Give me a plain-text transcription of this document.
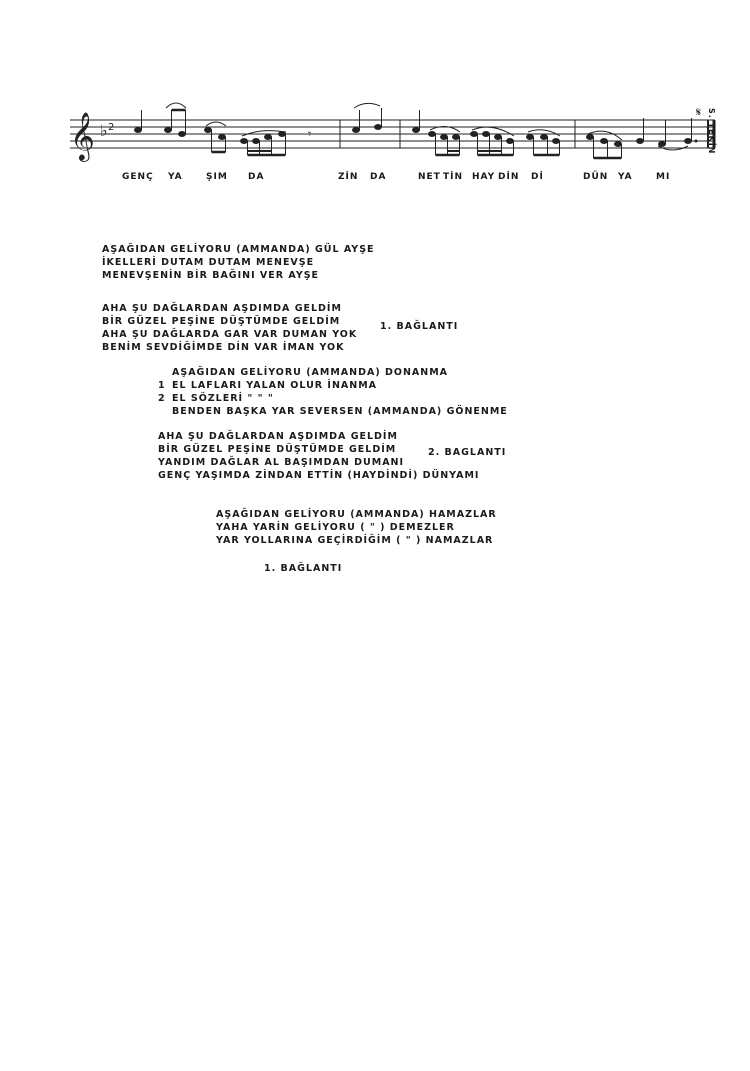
𝄞 ♭ 2	𝄾
𝄋 S. TEKİN
GENÇ YA	ŞIM DA	ZİN DA	NET TİN HAY DİN Dİ	DÜN YA	MI
AŞAĞIDAN GELİYORU (AMMANDA) GÜL AYŞE
İKELLERİ DUTAM DUTAM MENEVŞE
MENEVŞENİN BİR BAĞINI VER AYŞE
AHA ŞU DAĞLARDAN AŞDIMDA GELDİM
BİR GÜZEL PEŞİNE DÜŞTÜMDE GELDİM
AHA ŞU DAĞLARDA GAR VAR DUMAN YOK
BENİM SEVDİĞİMDE DİN VAR İMAN YOK
1. BAĞLANTI
AŞAĞIDAN GELİYORU (AMMANDA) DONANMA
1 EL LAFLARI YALAN OLUR İNANMA
2 EL SÖZLERİ " " "
BENDEN BAŞKA YAR SEVERSEN (AMMANDA) GÖNENME
AHA ŞU DAĞLARDAN AŞDIMDA GELDİM
BİR GÜZEL PEŞİNE DÜŞTÜMDE GELDİM
YANDIM DAĞLAR AL BAŞIMDAN DUMANI
GENÇ YAŞIMDA ZİNDAN ETTİN (HAYDİNDİ) DÜNYAMI
2. BAGLANTI
AŞAĞIDAN GELİYORU (AMMANDA) HAMAZLAR
YAHA YARİN GELİYORU ( " ) DEMEZLER
YAR YOLLARINA GEÇİRDİĞİM ( " ) NAMAZLAR
1. BAĞLANTI
